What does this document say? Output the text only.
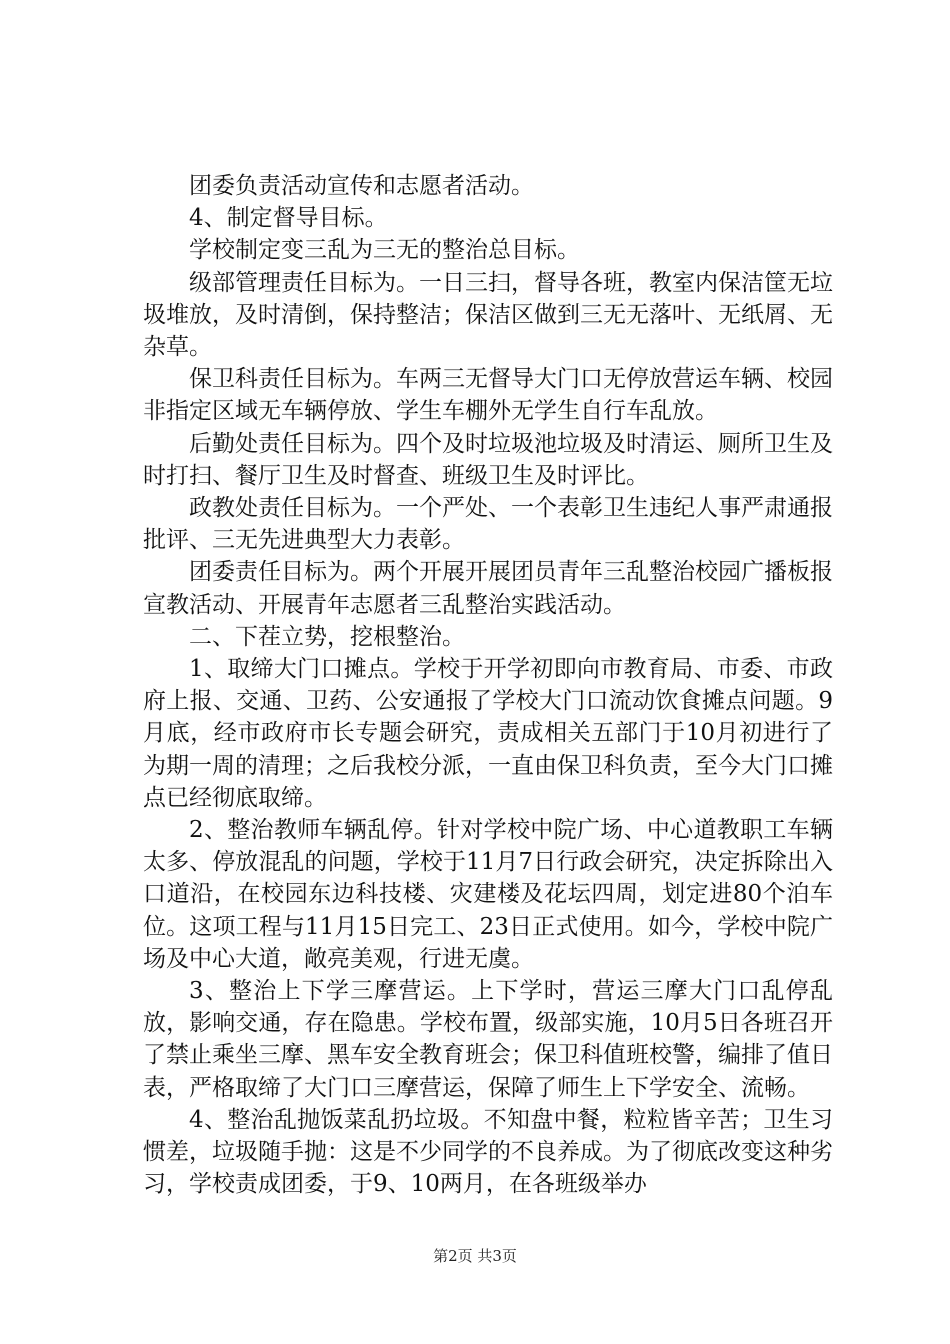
团委负责活动宣传和志愿者活动。

4、制定督导目标。

学校制定变三乱为三无的整治总目标。

级部管理责任目标为。一日三扫，督导各班，教室内保洁筐无垃圾堆放，及时清倒，保持整洁；保洁区做到三无无落叶、无纸屑、无杂草。

保卫科责任目标为。车两三无督导大门口无停放营运车辆、校园非指定区域无车辆停放、学生车棚外无学生自行车乱放。

后勤处责任目标为。四个及时垃圾池垃圾及时清运、厕所卫生及时打扫、餐厅卫生及时督查、班级卫生及时评比。

政教处责任目标为。一个严处、一个表彰卫生违纪人事严肃通报批评、三无先进典型大力表彰。

团委责任目标为。两个开展开展团员青年三乱整治校园广播板报宣教活动、开展青年志愿者三乱整治实践活动。

二、下茬立势，挖根整治。

1、取缔大门口摊点。学校于开学初即向市教育局、市委、市政府上报、交通、卫药、公安通报了学校大门口流动饮食摊点问题。9月底，经市政府市长专题会研究，责成相关五部门于10月初进行了为期一周的清理；之后我校分派，一直由保卫科负责，至今大门口摊点已经彻底取缔。

2、整治教师车辆乱停。针对学校中院广场、中心道教职工车辆太多、停放混乱的问题，学校于11月7日行政会研究，决定拆除出入口道沿，在校园东边科技楼、灾建楼及花坛四周，划定进80个泊车位。这项工程与11月15日完工、23日正式使用。如今，学校中院广场及中心大道，敞亮美观，行进无虞。

3、整治上下学三摩营运。上下学时，营运三摩大门口乱停乱放，影响交通，存在隐患。学校布置，级部实施，10月5日各班召开了禁止乘坐三摩、黑车安全教育班会；保卫科值班校警，编排了值日表，严格取缔了大门口三摩营运，保障了师生上下学安全、流畅。

4、整治乱抛饭菜乱扔垃圾。不知盘中餐，粒粒皆辛苦；卫生习惯差，垃圾随手抛：这是不少同学的不良养成。为了彻底改变这种劣习，学校责成团委，于9、10两月，在各班级举办

第2页 共3页
